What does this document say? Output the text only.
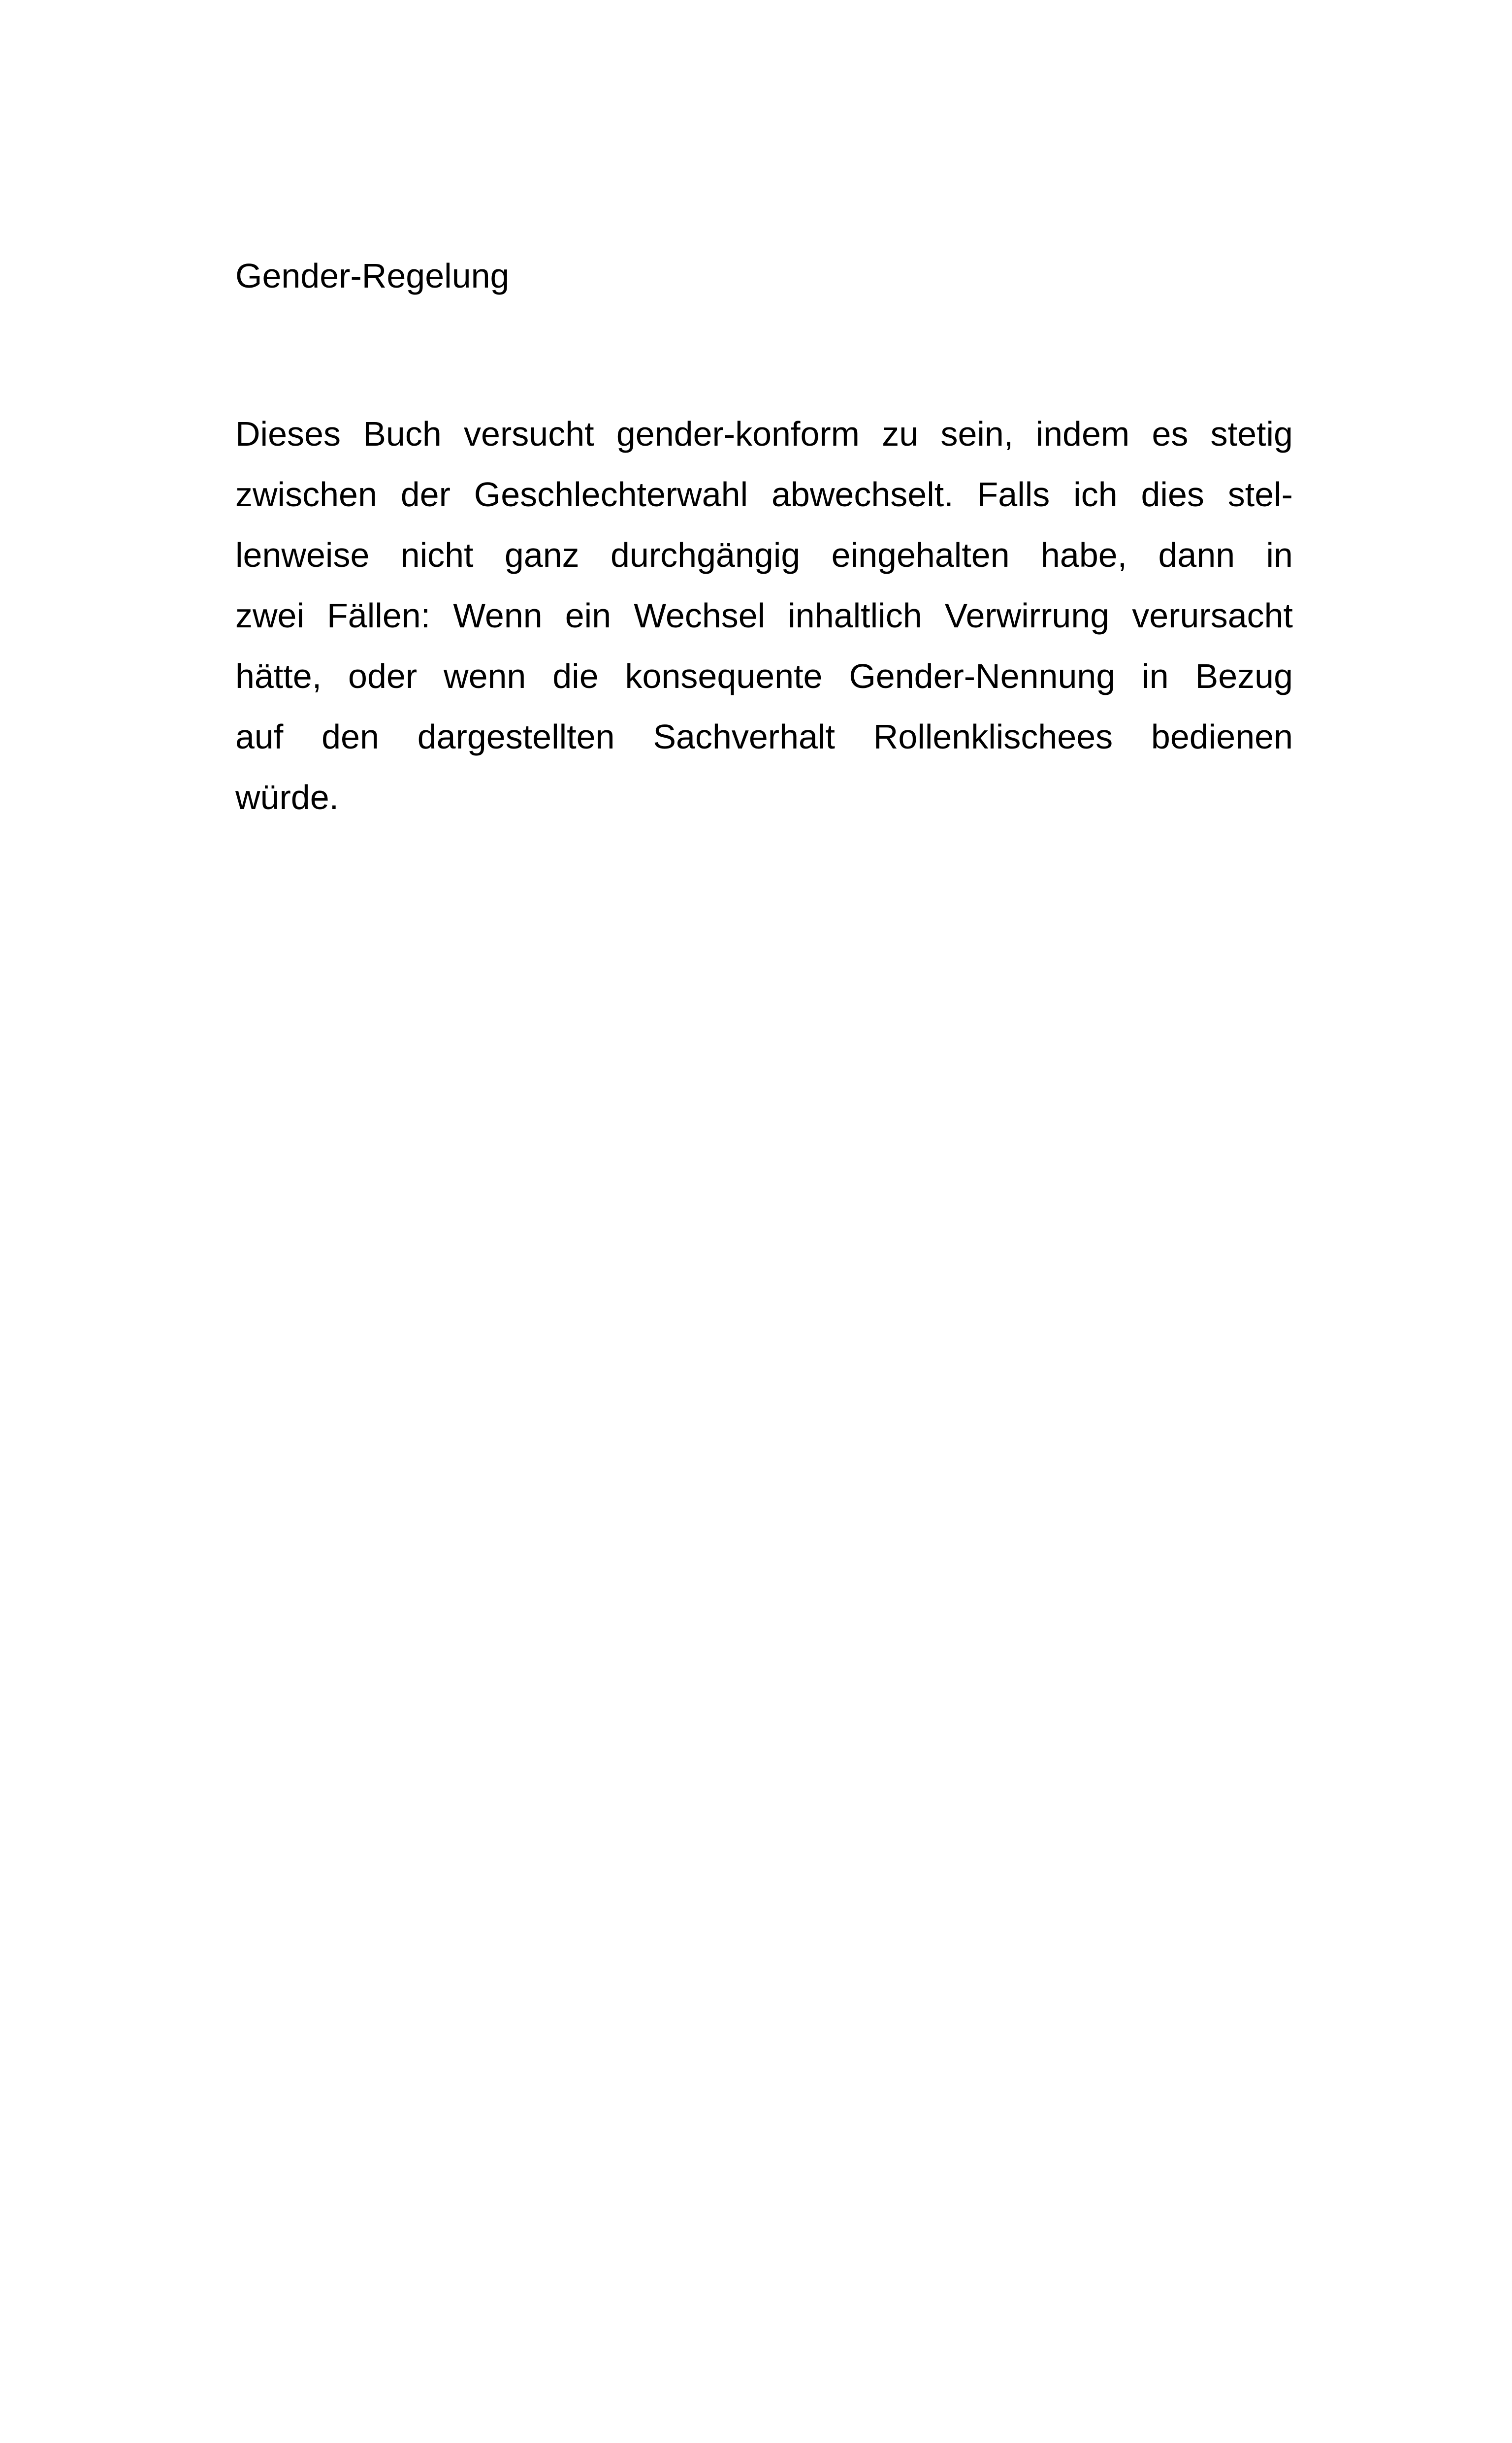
Gender-Regelung
Dieses Buch versucht gender-konform zu sein, indem es stetig
zwischen der Geschlechterwahl abwechselt. Falls ich dies stel-
lenweise nicht ganz durchgängig eingehalten habe, dann in
zwei Fällen: Wenn ein Wechsel inhaltlich Verwirrung verursacht
hätte, oder wenn die konsequente Gender-Nennung in Bezug
auf den dargestellten Sachverhalt Rollenklischees bedienen
würde.
